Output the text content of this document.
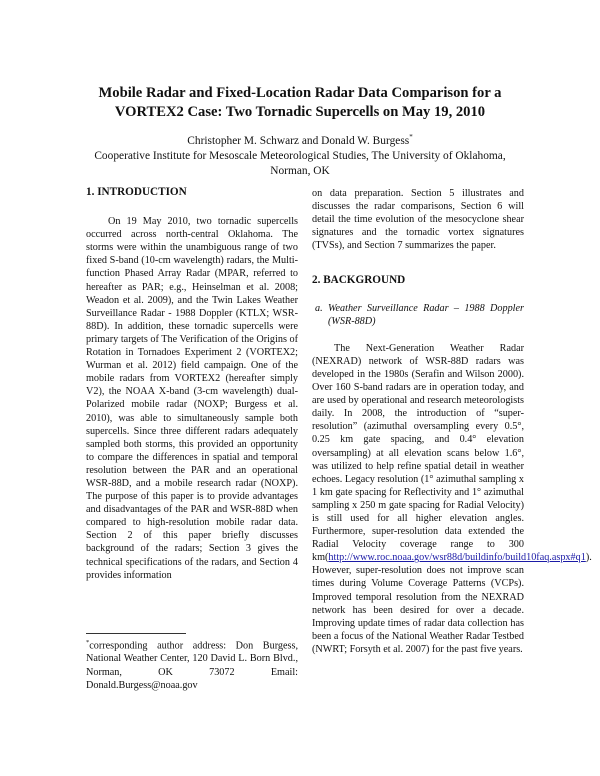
Mobile Radar and Fixed-Location Radar Data Comparison for a VORTEX2 Case: Two Tornadic Supercells on May 19, 2010
Christopher M. Schwarz and Donald W. Burgess*
Cooperative Institute for Mesoscale Meteorological Studies, The University of Oklahoma, Norman, OK

1. INTRODUCTION

On 19 May 2010, two tornadic supercells occurred across north-central Oklahoma. The storms were within the unambiguous range of two fixed S-band (10-cm wavelength) radars, the Multi-function Phased Array Radar (MPAR, referred to hereafter as PAR; e.g., Heinselman et al. 2008; Weadon et al. 2009), and the Twin Lakes Weather Surveillance Radar - 1988 Doppler (KTLX; WSR-88D). In addition, these tornadic supercells were primary targets of The Verification of the Origins of Rotation in Tornadoes Experiment 2 (VORTEX2; Wurman et al. 2012) field campaign. One of the mobile radars from VORTEX2 (hereafter simply V2), the NOAA X-band (3-cm wavelength) dual-Polarized mobile radar (NOXP; Burgess et al. 2010), was able to simultaneously sample both supercells. Since three different radars adequately sampled both storms, this provided an opportunity to compare the differences in spatial and temporal resolution between the PAR and an operational WSR-88D, and a mobile research radar (NOXP). The purpose of this paper is to provide advantages and disadvantages of the PAR and WSR-88D when compared to high-resolution mobile radar data. Section 2 of this paper briefly discusses background of the radars; Section 3 gives the technical specifications of the radars, and Section 4 provides information

on data preparation. Section 5 illustrates and discusses the radar comparisons, Section 6 will detail the time evolution of the mesocyclone shear signatures and the tornadic vortex signatures (TVSs), and Section 7 summarizes the paper.

2. BACKGROUND

a. Weather Surveillance Radar – 1988 Doppler (WSR-88D)

The Next-Generation Weather Radar (NEXRAD) network of WSR-88D radars was developed in the 1980s (Serafin and Wilson 2000). Over 160 S-band radars are in operation today, and are used by operational and research meteorologists daily. In 2008, the introduction of “super-resolution” (azimuthal oversampling every 0.5°, 0.25 km gate spacing, and 0.4° elevation oversampling) at all elevation scans below 1.6°, was utilized to help refine spatial detail in weather echoes. Legacy resolution (1° azimuthal sampling x 1 km gate spacing for Reflectivity and 1° azimuthal sampling x 250 m gate spacing for Radial Velocity) is still used for all higher elevation angles. Furthermore, super-resolution data extended the Radial Velocity coverage range to 300 km(http://www.roc.noaa.gov/wsr88d/buildinfo/build10faq.aspx#q1). However, super-resolution does not improve scan times during Volume Coverage Patterns (VCPs). Improved temporal resolution from the NEXRAD network has been desired for over a decade. Improving update times of radar data collection has been a focus of the National Weather Radar Testbed (NWRT; Forsyth et al. 2007) for the past five years.

*corresponding author address: Don Burgess, National Weather Center, 120 David L. Born Blvd., Norman, OK 73072 Email: Donald.Burgess@noaa.gov
